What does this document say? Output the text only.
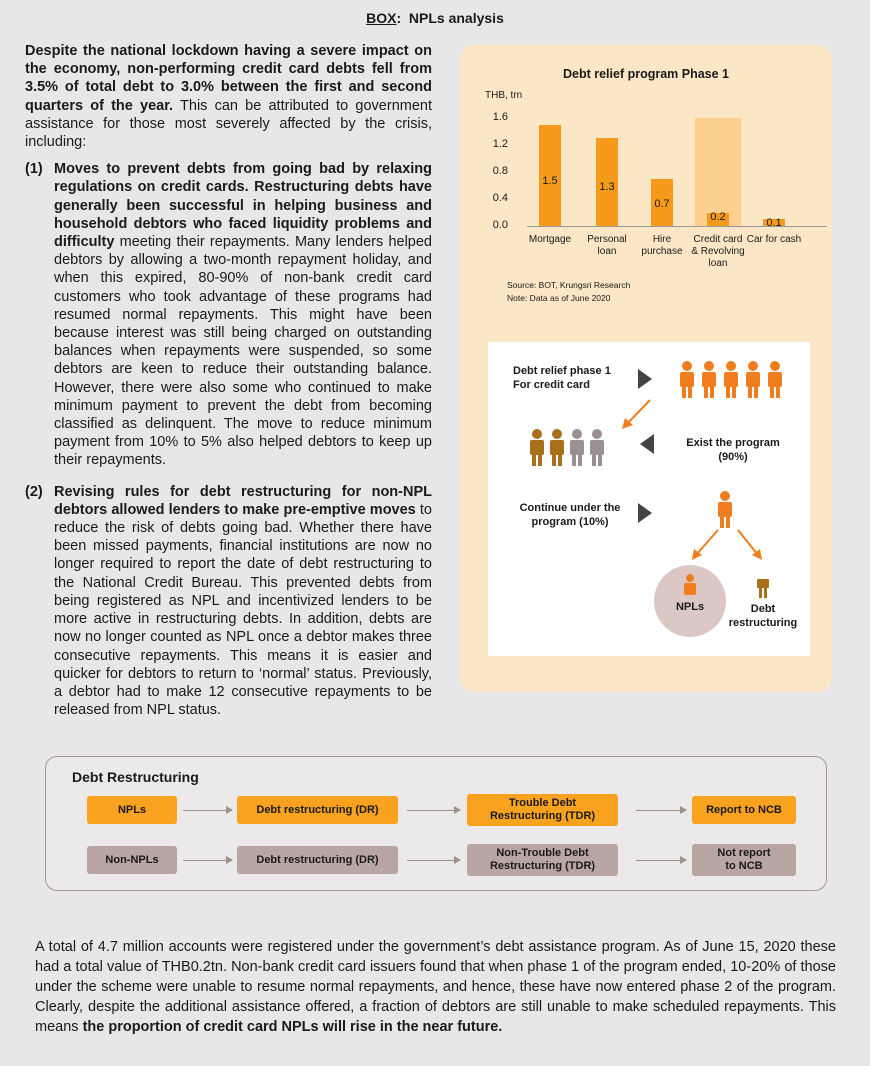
BOX: NPLs analysis

Despite the national lockdown having a severe impact on the economy, non-performing credit card debts fell from 3.5% of total debt to 3.0% between the first and second quarters of the year. This can be attributed to government assistance for those most severely affected by the crisis, including:

(1) Moves to prevent debts from going bad by relaxing regulations on credit cards. Restructuring debts have generally been successful in helping business and household debtors who faced liquidity problems and difficulty meeting their repayments. Many lenders helped debtors by allowing a two-month repayment holiday, and when this expired, 80-90% of non-bank credit card customers who took advantage of these programs had resumed normal repayments. This might have been because interest was still being charged on outstanding balances when repayments were suspended, so some debtors are keen to reduce their outstanding balance. However, there were also some who continued to make minimum payment to prevent the debt from becoming classified as delinquent. The move to reduce minimum payment from 10% to 5% also helped debtors to keep up their repayments.

(2) Revising rules for debt restructuring for non-NPL debtors allowed lenders to make pre-emptive moves to reduce the risk of debts going bad. Whether there have been missed payments, financial institutions are now no longer required to report the date of debt restructuring to the National Credit Bureau. This prevented debts from being registered as NPL and incentivized lenders to be more active in restructuring debts. In addition, debts are now no longer counted as NPL once a debtor makes three consecutive repayments. This means it is easier and quicker for debtors to return to ‘normal’ status. Previously, a debtor had to make 12 consecutive repayments to be released from NPL status.

Debt relief program Phase 1
THB, trn
Source: BOT, Krungsri Research
Note: Data as of June 2020
Debt relief phase 1
For credit card
Exist the program
(90%)
Continue under the
program (10%)
NPLs	Debt
restructuring
1.6
1.2
0.8
0.4
0.0
1.5
Mortgage
1.3
Personal
loan
0.7
Hire
purchase
0.2
Credit card
& Revolving
loan
0.1
Car for cash
Debt Restructuring
NPLs	Debt restructuring (DR)
Trouble Debt
Restructuring (TDR)
Report to NCB
Non-NPLs	Debt restructuring (DR)
Non-Trouble Debt
Restructuring (TDR)
Not report
to NCB
A total of 4.7 million accounts were registered under the government’s debt assistance program. As of June 15, 2020 these had a total value of THB0.2tn. Non-bank credit card issuers found that when phase 1 of the program ended, 10-20% of those under the scheme were unable to resume normal repayments, and hence, these have now entered phase 2 of the program. Clearly, despite the additional assistance offered, a fraction of debtors are still unable to make scheduled repayments. This means the proportion of credit card NPLs will rise in the near future.
